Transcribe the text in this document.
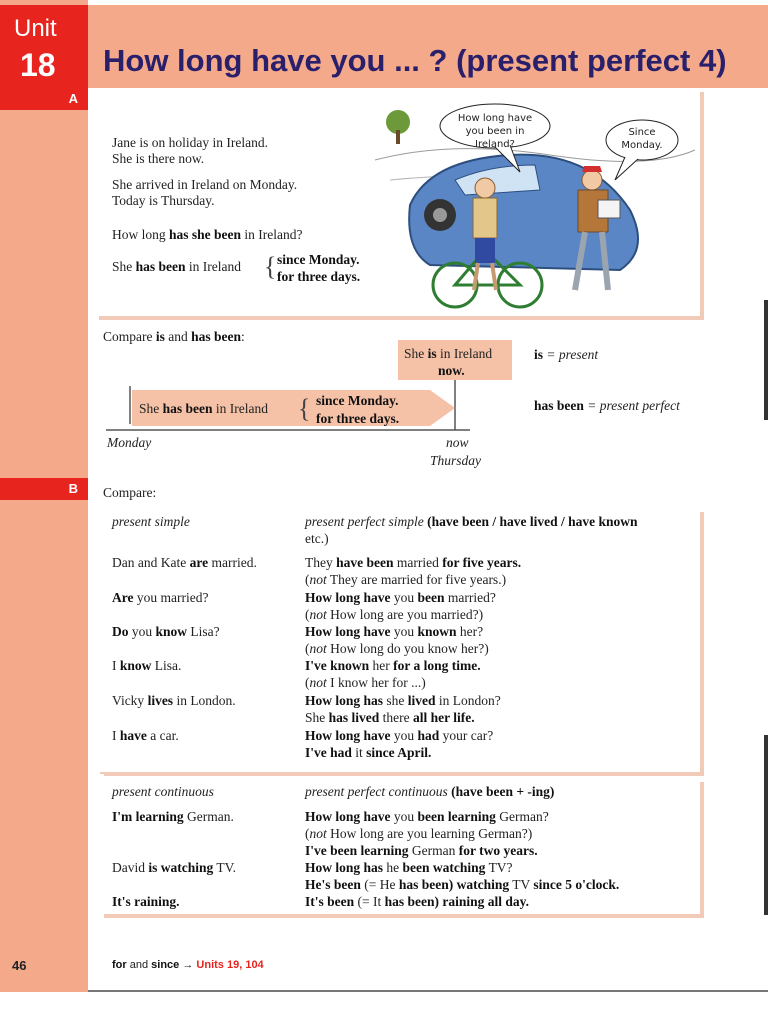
Unit
18 How long have you ... ? (present perfect 4)
A
Jane is on holiday in Ireland.
She is there now.
She arrived in Ireland on Monday.
Today is Thursday.
How long has she been in Ireland?
She has been in Ireland { since Monday.
for three days.
How long have you been in Ireland?
Since Monday.
Compare is and has been:
She is in Ireland
now.
is = present
She has been in Ireland { since Monday.
for three days.
has been = present perfect
Monday	now
Thursday
B Compare:
present simple	present perfect simple (have been / have lived / have known
etc.)
Dan and Kate are married.	They have been married for five years.
(not They are married for five years.)
Are you married?	How long have you been married?
(not How long are you married?)
Do you know Lisa?	How long have you known her?
(not How long do you know her?)
I know Lisa.	I've known her for a long time.
(not I know her for ...)
Vicky lives in London.	How long has she lived in London?
She has lived there all her life.
I have a car.	How long have you had your car?
I've had it since April.
present continuous	present perfect continuous (have been + -ing)
I'm learning German.	How long have you been learning German?
(not How long are you learning German?)
I've been learning German for two years.
David is watching TV.	How long has he been watching TV?
He's been (= He has been) watching TV since 5 o'clock.
It's raining.	It's been (= It has been) raining all day.
46	for and since → Units 19, 104
